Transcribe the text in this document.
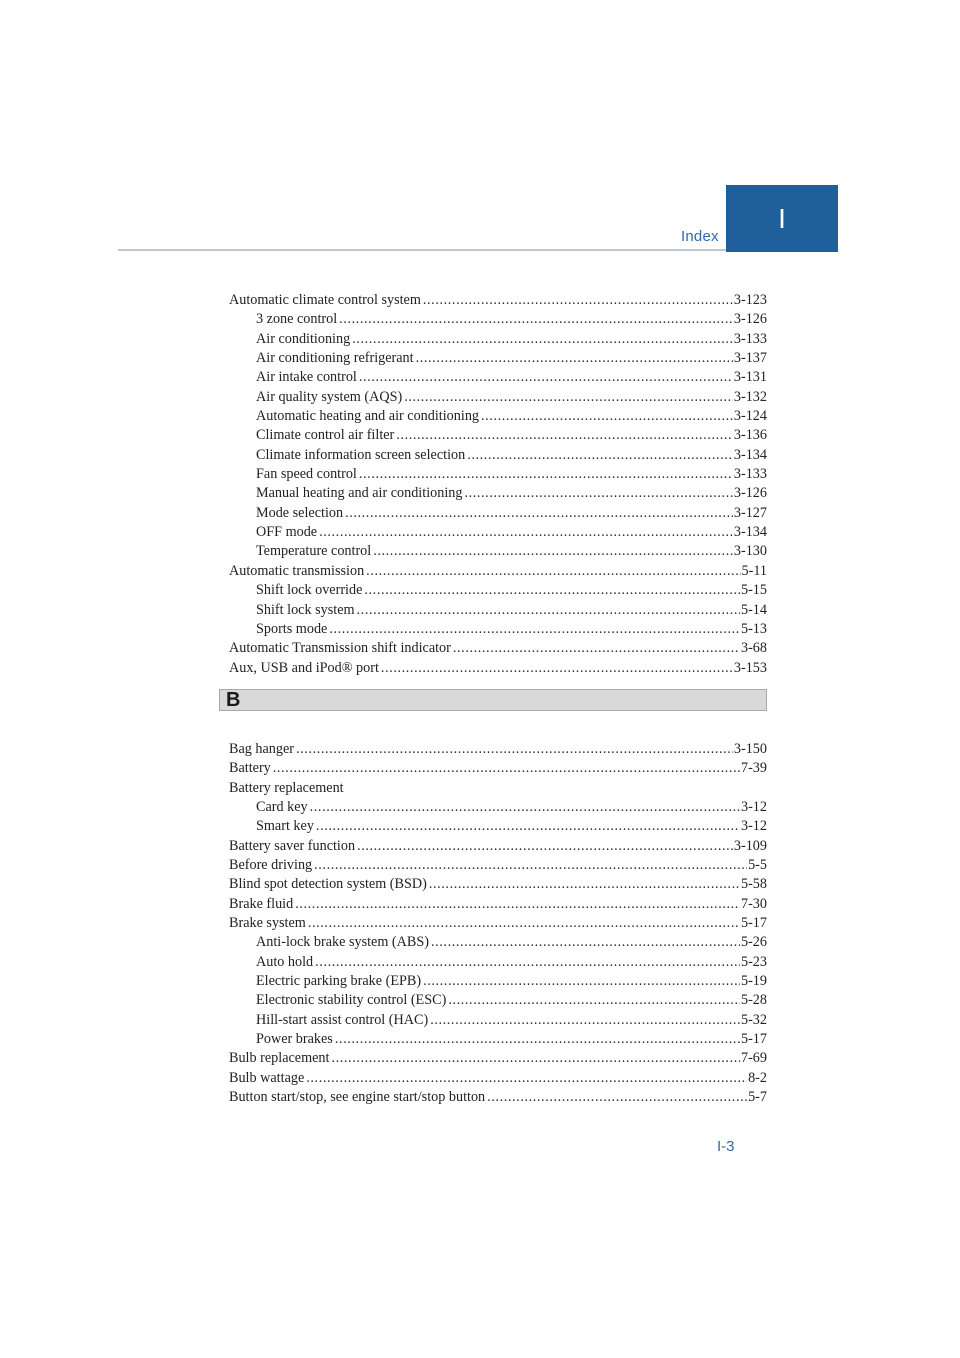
Index
I
Automatic climate control system .....	3-123
3 zone control .....	3-126
Air conditioning .....	3-133
Air conditioning refrigerant .....	3-137
Air intake control .....	3-131
Air quality system (AQS) .....	3-132
Automatic heating and air conditioning .....	3-124
Climate control air filter .....	3-136
Climate information screen selection .....	3-134
Fan speed control .....	3-133
Manual heating and air conditioning .....	3-126
Mode selection .....	3-127
OFF mode .....	3-134
Temperature control .....	3-130
Automatic transmission .....	5-11
Shift lock override .....	5-15
Shift lock system .....	5-14
Sports mode .....	5-13
Automatic Transmission shift indicator .....	3-68
Aux, USB and iPod® port .....	3-153
B
Bag hanger .....	3-150
Battery .....	7-39
Battery replacement
Card key .....	3-12
Smart key .....	3-12
Battery saver function .....	3-109
Before driving .....	5-5
Blind spot detection system (BSD) .....	5-58
Brake fluid .....	7-30
Brake system .....	5-17
Anti-lock brake system (ABS) .....	5-26
Auto hold .....	5-23
Electric parking brake (EPB) .....	5-19
Electronic stability control (ESC) .....	5-28
Hill-start assist control (HAC) .....	5-32
Power brakes .....	5-17
Bulb replacement .....	7-69
Bulb wattage .....	8-2
Button start/stop, see engine start/stop button .....	5-7
I-3
